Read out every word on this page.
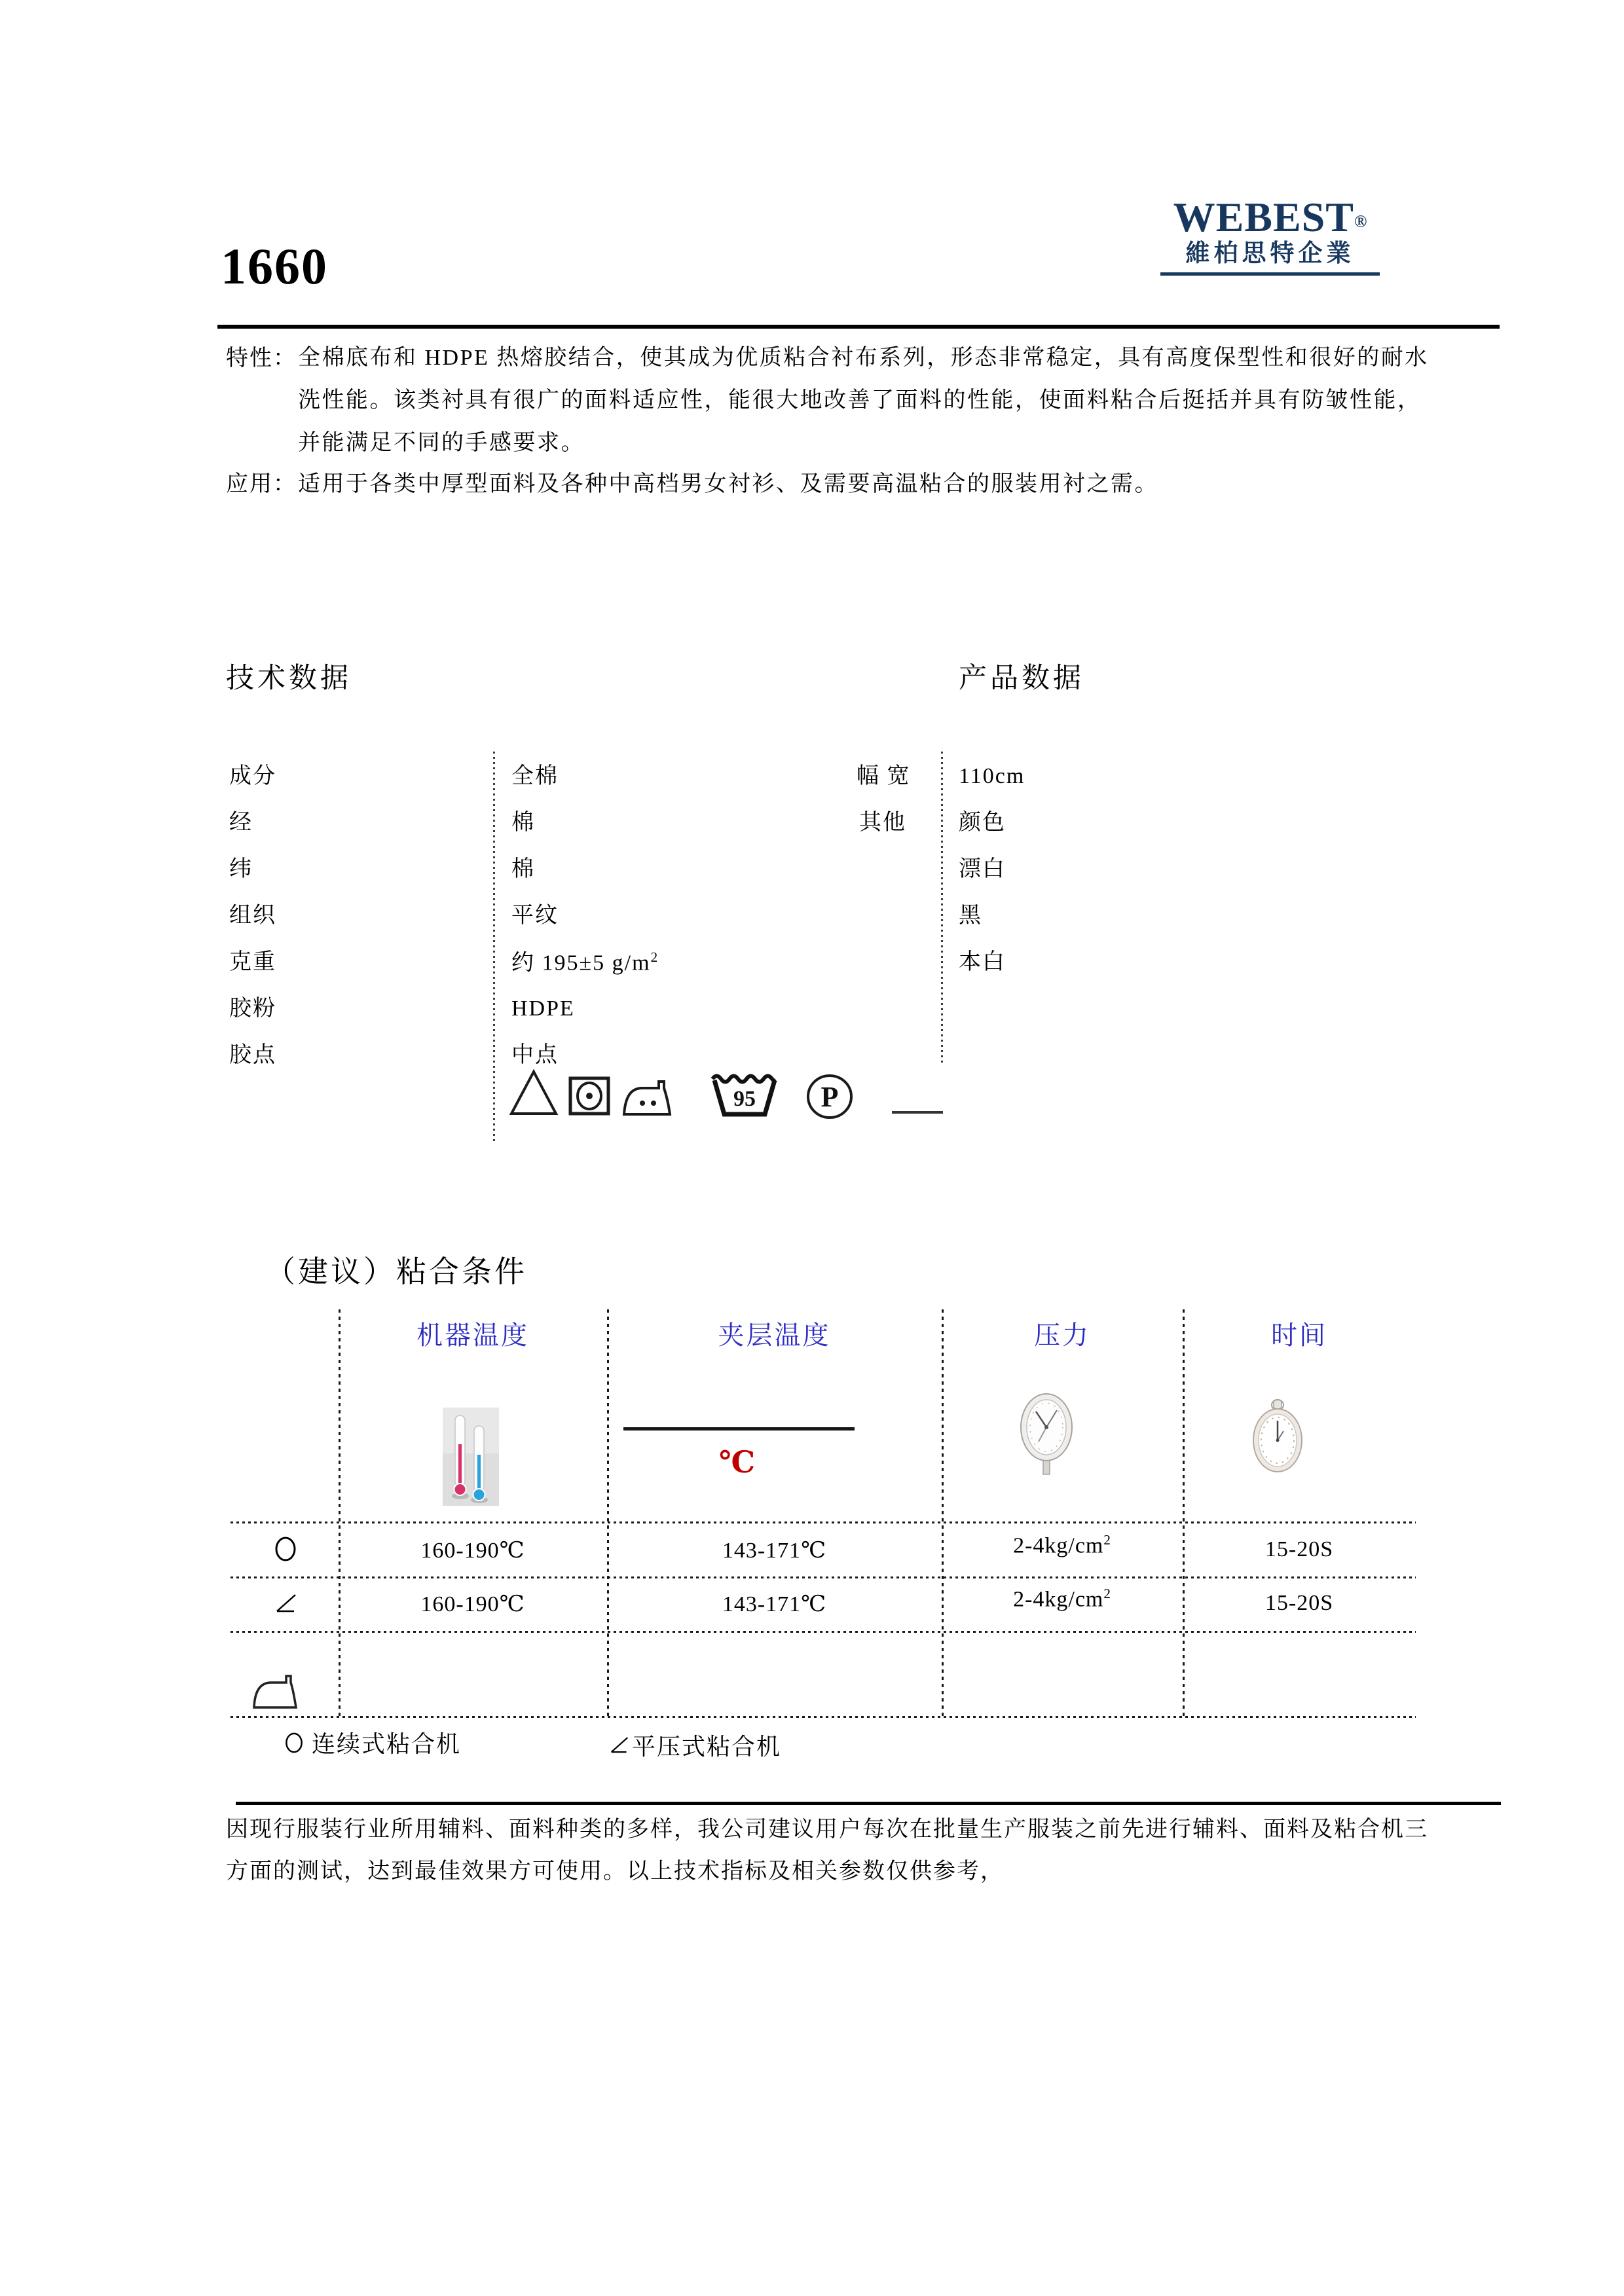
1660
WEBEST®
維柏思特企業
特性： 全棉底布和 HDPE 热熔胶结合，使其成为优质粘合衬布系列，形态非常稳定，具有高度保型性和很好的耐水
洗性能。该类衬具有很广的面料适应性，能很大地改善了面料的性能，使面料粘合后挺括并具有防皱性能，
并能满足不同的手感要求。
应用： 适用于各类中厚型面料及各种中高档男女衬衫、及需要高温粘合的服装用衬之需。
技术数据	产品数据
成分	全棉
经	棉
纬	棉
组织	平纹
克重	约 195±5 $g/m^2$
胶粉	HDPE
胶点	中点
幅 宽 110cm
其他 颜色
漂白
黑
本白
95 P
（建议）粘合条件
机器温度	夹层温度	压力	时间
℃
160-190℃	143-171℃	$2-4kg/cm^2$	15-20S
160-190℃	143-171℃	$2-4kg/cm^2$	15-20S
连续式粘合机	平压式粘合机
因现行服装行业所用辅料、面料种类的多样，我公司建议用户每次在批量生产服装之前先进行辅料、面料及粘合机三
方面的测试，达到最佳效果方可使用。以上技术指标及相关参数仅供参考，
